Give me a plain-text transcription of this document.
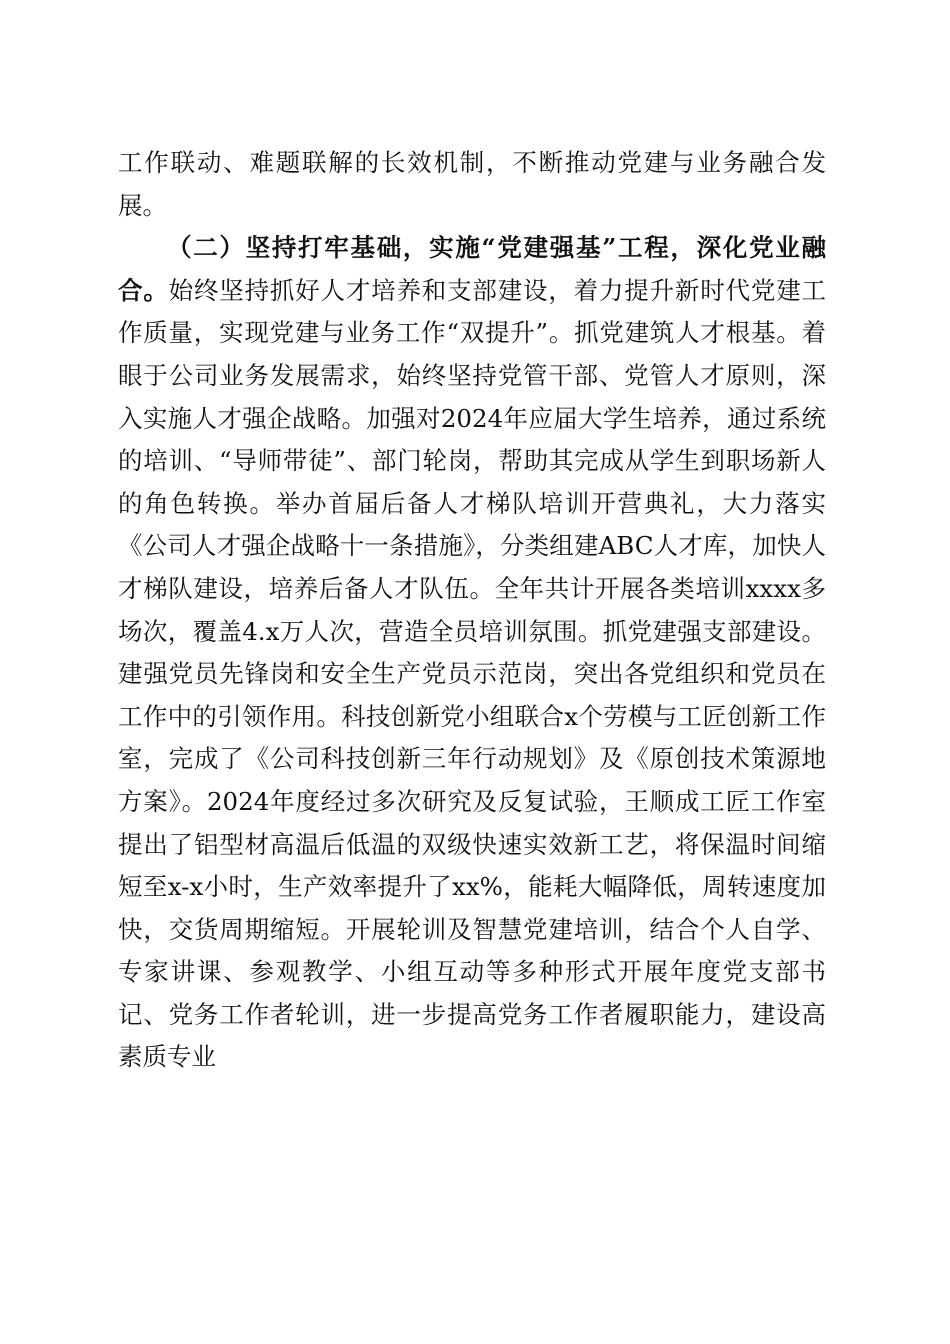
工作联动、难题联解的长效机制，不断推动党建与业务融合发展。

（二）坚持打牢基础，实施“党建强基”工程，深化党业融合。始终坚持抓好人才培养和支部建设，着力提升新时代党建工作质量，实现党建与业务工作“双提升”。抓党建筑人才根基。着眼于公司业务发展需求，始终坚持党管干部、党管人才原则，深入实施人才强企战略。加强对2024年应届大学生培养，通过系统的培训、“导师带徒”、部门轮岗，帮助其完成从学生到职场新人的角色转换。举办首届后备人才梯队培训开营典礼，大力落实《公司人才强企战略十一条措施》，分类组建ABC人才库，加快人才梯队建设，培养后备人才队伍。全年共计开展各类培训xxxx多场次，覆盖4.x万人次，营造全员培训氛围。抓党建强支部建设。建强党员先锋岗和安全生产党员示范岗，突出各党组织和党员在工作中的引领作用。科技创新党小组联合x个劳模与工匠创新工作室，完成了《公司科技创新三年行动规划》及《原创技术策源地方案》。2024年度经过多次研究及反复试验，王顺成工匠工作室提出了铝型材高温后低温的双级快速实效新工艺，将保温时间缩短至x-x小时，生产效率提升了xx%，能耗大幅降低，周转速度加快，交货周期缩短。开展轮训及智慧党建培训，结合个人自学、专家讲课、参观教学、小组互动等多种形式开展年度党支部书记、党务工作者轮训，进一步提高党务工作者履职能力，建设高素质专业
